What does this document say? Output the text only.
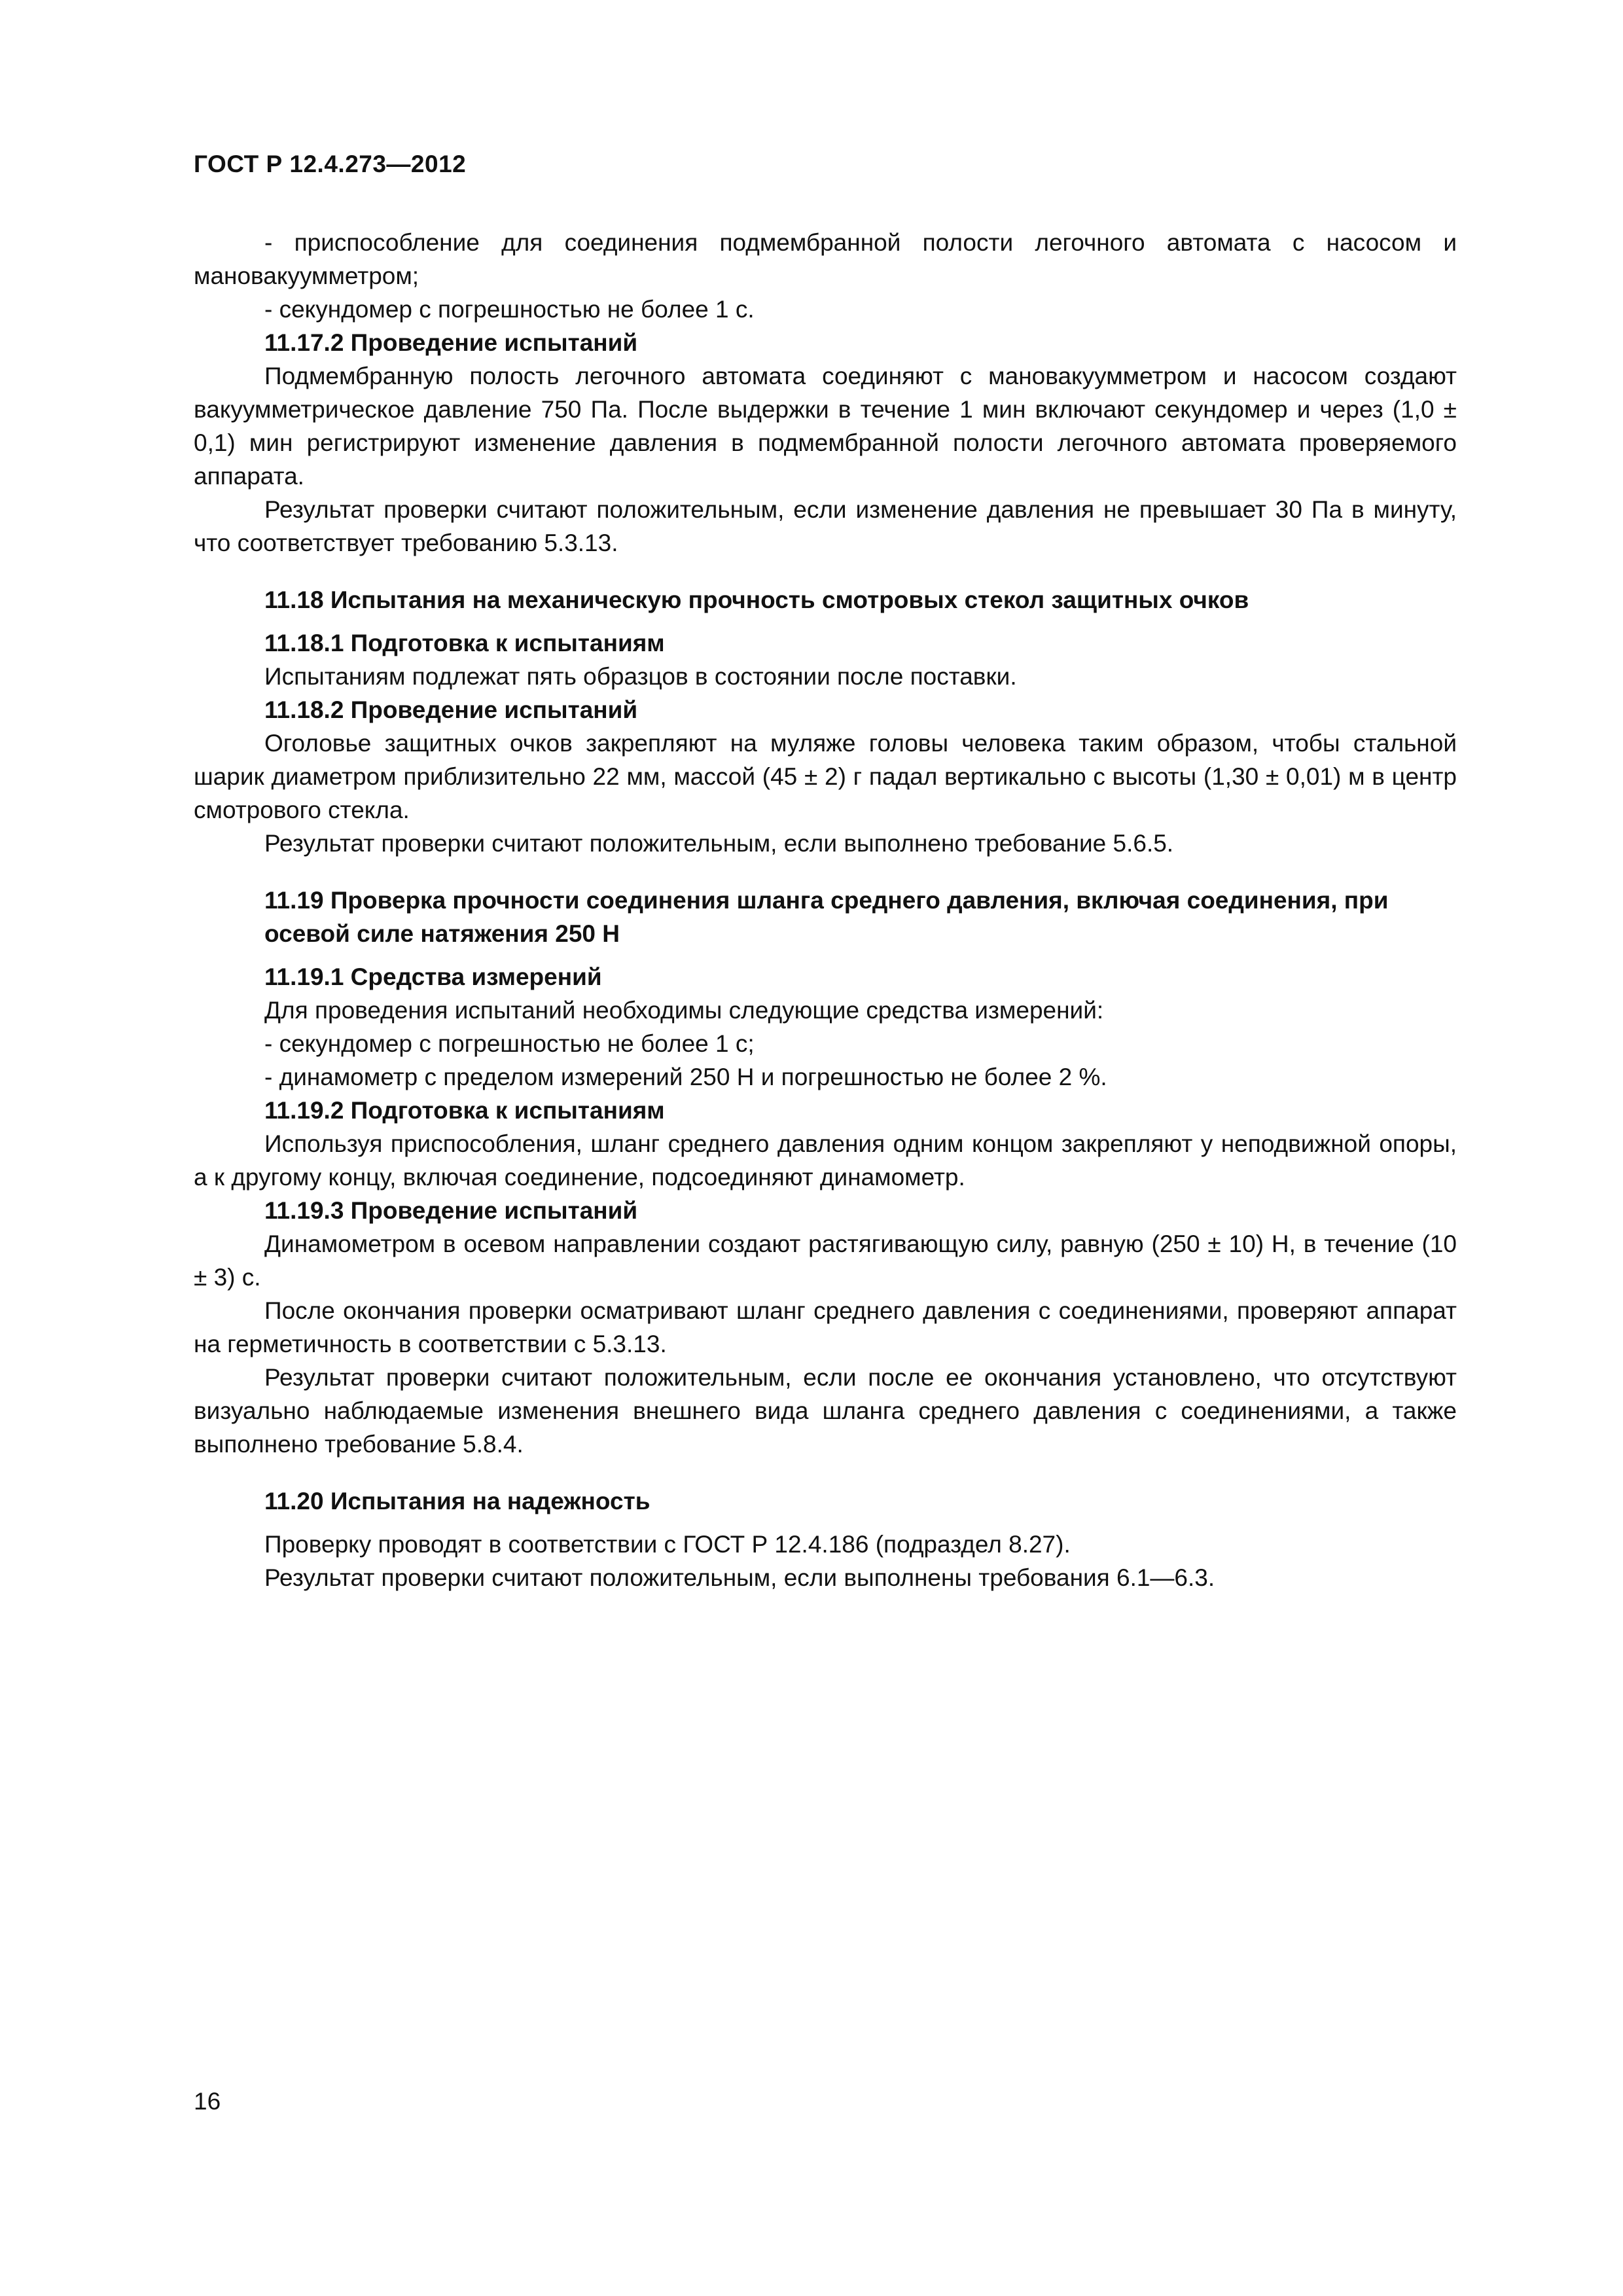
ГОСТ Р 12.4.273—2012

- приспособление для соединения подмембранной полости легочного автомата с насосом и мановакуумметром;

- секундомер с погрешностью не более 1 с.

11.17.2 Проведение испытаний

Подмембранную полость легочного автомата соединяют с мановакуумметром и насосом создают вакуумметрическое давление 750 Па. После выдержки в течение 1 мин включают секундомер и через (1,0 ± 0,1) мин регистрируют изменение давления в подмембранной полости легочного автомата проверяемого аппарата.

Результат проверки считают положительным, если изменение давления не превышает 30 Па в минуту, что соответствует требованию 5.3.13.

11.18 Испытания на механическую прочность смотровых стекол защитных очков

11.18.1 Подготовка к испытаниям

Испытаниям подлежат пять образцов в состоянии после поставки.

11.18.2 Проведение испытаний

Оголовье защитных очков закрепляют на муляже головы человека таким образом, чтобы стальной шарик диаметром приблизительно 22 мм, массой (45 ± 2) г падал вертикально с высоты (1,30 ± 0,01) м в центр смотрового стекла.

Результат проверки считают положительным, если выполнено требование 5.6.5.

11.19 Проверка прочности соединения шланга среднего давления, включая соединения, при осевой силе натяжения 250 Н

11.19.1 Средства измерений

Для проведения испытаний необходимы следующие средства измерений:

- секундомер с погрешностью не более 1 с;

- динамометр с пределом измерений 250 Н и погрешностью не более 2 %.

11.19.2 Подготовка к испытаниям

Используя приспособления, шланг среднего давления одним концом закрепляют у неподвижной опоры, а к другому концу, включая соединение, подсоединяют динамометр.

11.19.3 Проведение испытаний

Динамометром в осевом направлении создают растягивающую силу, равную (250 ± 10) Н, в течение (10 ± 3) с.

После окончания проверки осматривают шланг среднего давления с соединениями, проверяют аппарат на герметичность в соответствии с 5.3.13.

Результат проверки считают положительным, если после ее окончания установлено, что отсутствуют визуально наблюдаемые изменения внешнего вида шланга среднего давления с соединениями, а также выполнено требование 5.8.4.

11.20 Испытания на надежность

Проверку проводят в соответствии с ГОСТ Р 12.4.186 (подраздел 8.27).

Результат проверки считают положительным, если выполнены требования 6.1—6.3.

16
